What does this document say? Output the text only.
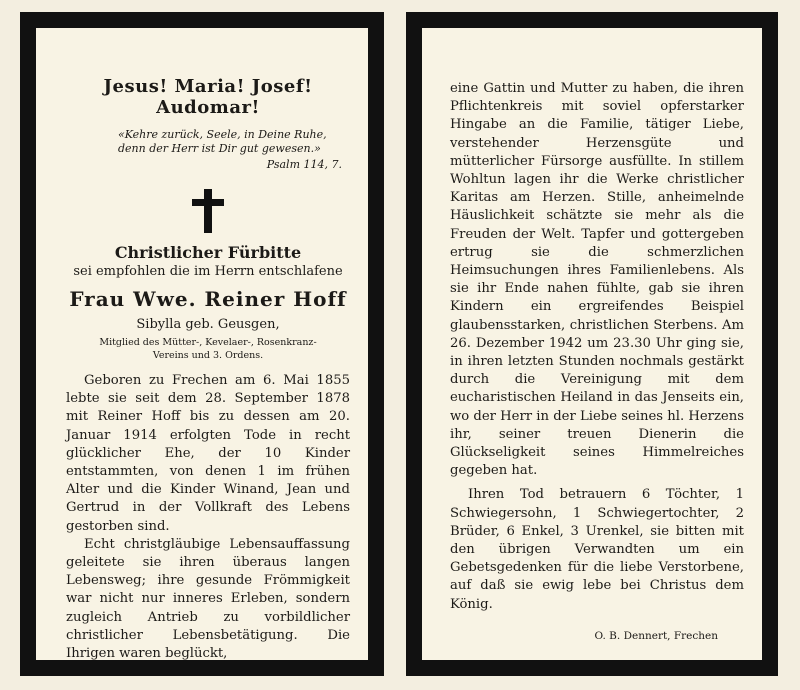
Jesus! Maria! Josef! Audomar!

«Kehre zurück, Seele, in Deine Ruhe,
denn der Herr ist Dir gut gewesen.»
Psalm 114, 7.

Christlicher Fürbitte

sei empfohlen die im Herrn entschlafene

Frau Wwe. Reiner Hoff

Sibylla geb. Geusgen,

Mitglied des Mütter-, Kevelaer-, Rosenkranz-
Vereins und 3. Ordens.

Geboren zu Frechen am 6. Mai 1855 lebte sie seit dem 28. September 1878 mit Reiner Hoff bis zu dessen am 20. Januar 1914 erfolgten Tode in recht glücklicher Ehe, der 10 Kinder entstammten, von denen 1 im frühen Alter und die Kinder Winand, Jean und Gertrud in der Vollkraft des Lebens gestorben sind.

Echt christgläubige Lebensauffassung geleitete sie ihren überaus langen Lebensweg; ihre gesunde Frömmigkeit war nicht nur inneres Erleben, sondern zugleich Antrieb zu vorbildlicher christlicher Lebensbetätigung. Die Ihrigen waren beglückt,

eine Gattin und Mutter zu haben, die ihren Pflichtenkreis mit soviel opferstarker Hingabe an die Familie, tätiger Liebe, verstehender Herzensgüte und mütterlicher Fürsorge ausfüllte. In stillem Wohltun lagen ihr die Werke christlicher Karitas am Herzen. Stille, anheimelnde Häuslichkeit schätzte sie mehr als die Freuden der Welt. Tapfer und gottergeben ertrug sie die schmerzlichen Heimsuchungen ihres Familienlebens. Als sie ihr Ende nahen fühlte, gab sie ihren Kindern ein ergreifendes Beispiel glaubensstarken, christlichen Sterbens. Am 26. Dezember 1942 um 23.30 Uhr ging sie, in ihren letzten Stunden nochmals gestärkt durch die Vereinigung mit dem eucharistischen Heiland in das Jenseits ein, wo der Herr in der Liebe seines hl. Herzens ihr, seiner treuen Dienerin die Glückseligkeit seines Himmelreiches gegeben hat.

Ihren Tod betrauern 6 Töchter, 1 Schwiegersohn, 1 Schwiegertochter, 2 Brüder, 6 Enkel, 3 Urenkel, sie bitten mit den übrigen Verwandten um ein Gebetsgedenken für die liebe Verstorbene, auf daß sie ewig lebe bei Christus dem König.

O. B. Dennert, Frechen
